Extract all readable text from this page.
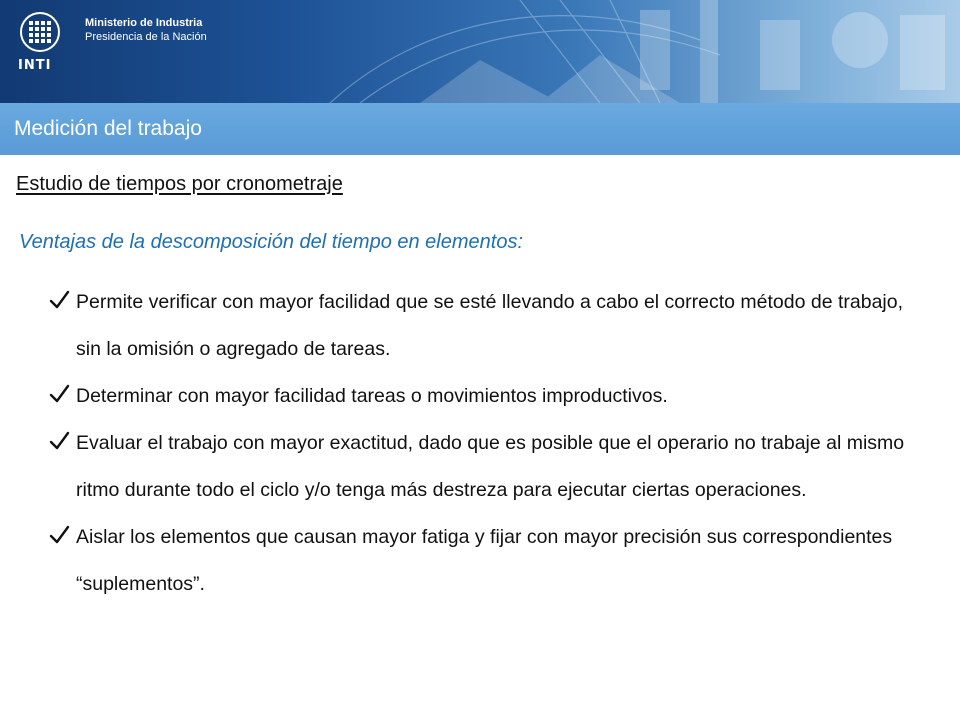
INTI
Ministerio de Industria
Presidencia de la Nación
Medición del trabajo
Estudio de tiempos por cronometraje
Ventajas de la descomposición del tiempo en elementos:
Permite verificar con mayor facilidad que se esté llevando a cabo el correcto método de trabajo, sin la omisión o agregado de tareas.
Determinar con mayor facilidad tareas o movimientos improductivos.
Evaluar el trabajo con mayor exactitud, dado que es posible que el operario no trabaje al mismo ritmo durante todo el ciclo y/o tenga más destreza para ejecutar ciertas operaciones.
Aislar los elementos que causan mayor fatiga y fijar con mayor precisión sus correspondientes “suplementos”.
